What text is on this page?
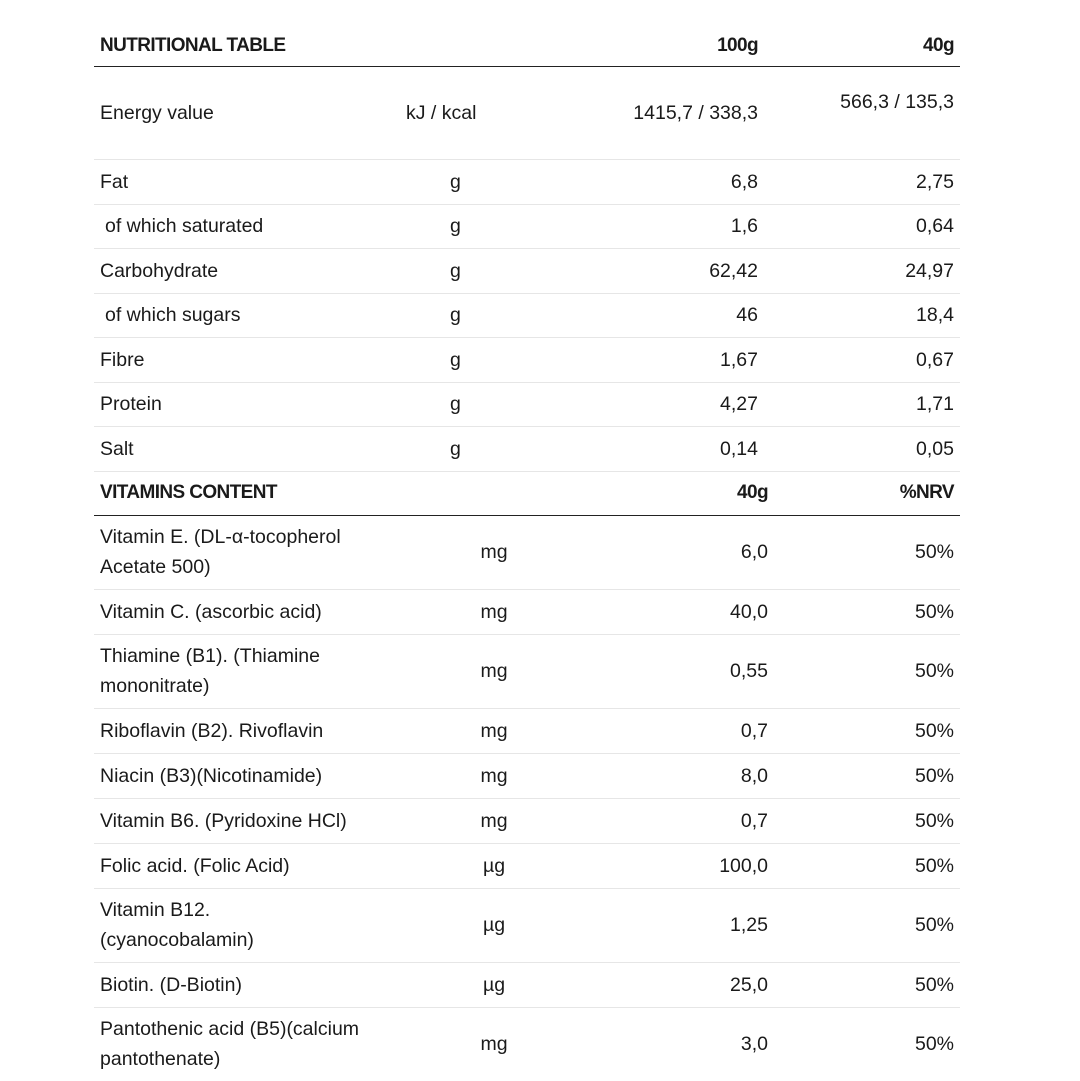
NUTRITIONAL TABLE		100g	40g
Energy value	kJ / kcal	1415,7 / 338,3	566,3 / 135,3
Fat	g	6,8	2,75
of which saturated	g	1,6	0,64
Carbohydrate	g	62,42	24,97
of which sugars	g	46	18,4
Fibre	g	1,67	0,67
Protein	g	4,27	1,71
Salt	g	0,14	0,05
VITAMINS CONTENT		40g	%NRV
Vitamin E. (DL-α-tocopherol Acetate 500)	mg	6,0	50%
Vitamin C. (ascorbic acid)	mg	40,0	50%
Thiamine (B1). (Thiamine mononitrate)	mg	0,55	50%
Riboflavin (B2). Rivoflavin	mg	0,7	50%
Niacin (B3)(Nicotinamide)	mg	8,0	50%
Vitamin B6. (Pyridoxine HCl)	mg	0,7	50%
Folic acid. (Folic Acid)	µg	100,0	50%
Vitamin B12. (cyanocobalamin)	µg	1,25	50%
Biotin. (D-Biotin)	µg	25,0	50%
Pantothenic acid (B5)(calcium pantothenate)	mg	3,0	50%
